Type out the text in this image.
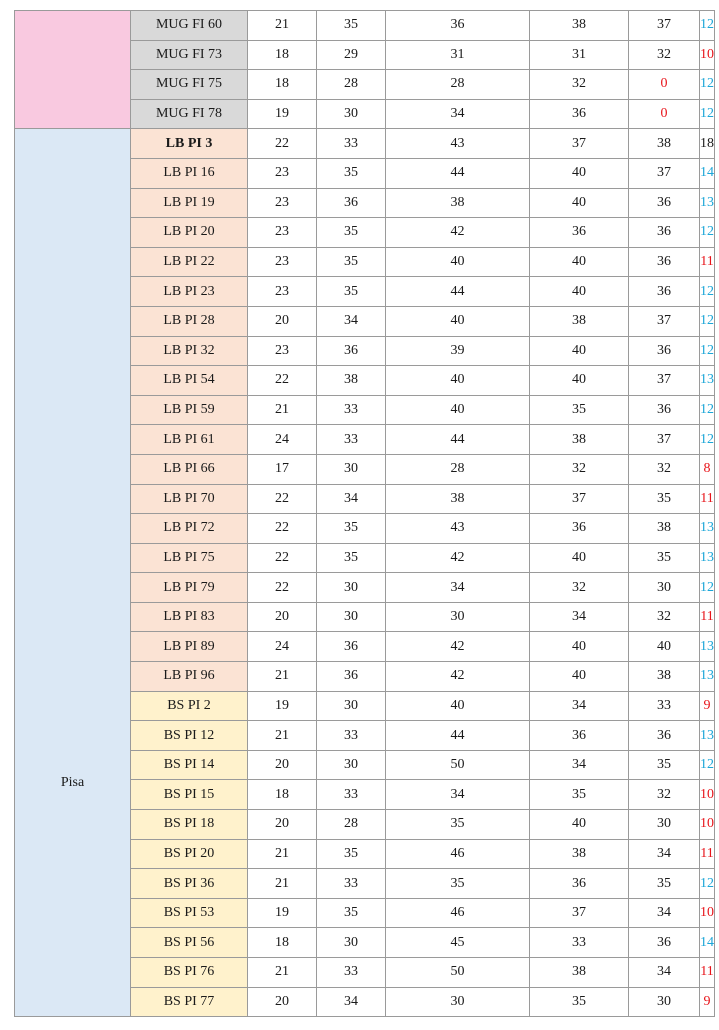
	MUG FI 60	21	35	36	38	37	12
	MUG FI 73	18	29	31	31	32	10
	MUG FI 75	18	28	28	32	0	12
	MUG FI 78	19	30	34	36	0	12
Pisa	LB PI 3	22	33	43	37	38	18
	LB PI 16	23	35	44	40	37	14
	LB PI 19	23	36	38	40	36	13
	LB PI 20	23	35	42	36	36	12
	LB PI 22	23	35	40	40	36	11
	LB PI 23	23	35	44	40	36	12
	LB PI 28	20	34	40	38	37	12
	LB PI 32	23	36	39	40	36	12
	LB PI 54	22	38	40	40	37	13
	LB PI 59	21	33	40	35	36	12
	LB PI 61	24	33	44	38	37	12
	LB PI 66	17	30	28	32	32	8
	LB PI 70	22	34	38	37	35	11
	LB PI 72	22	35	43	36	38	13
	LB PI 75	22	35	42	40	35	13
	LB PI 79	22	30	34	32	30	12
	LB PI 83	20	30	30	34	32	11
	LB PI 89	24	36	42	40	40	13
	LB PI 96	21	36	42	40	38	13
	BS PI 2	19	30	40	34	33	9
	BS PI 12	21	33	44	36	36	13
	BS PI 14	20	30	50	34	35	12
	BS PI 15	18	33	34	35	32	10
	BS PI 18	20	28	35	40	30	10
	BS PI 20	21	35	46	38	34	11
	BS PI 36	21	33	35	36	35	12
	BS PI 53	19	35	46	37	34	10
	BS PI 56	18	30	45	33	36	14
	BS PI 76	21	33	50	38	34	11
	BS PI 77	20	34	30	35	30	9
